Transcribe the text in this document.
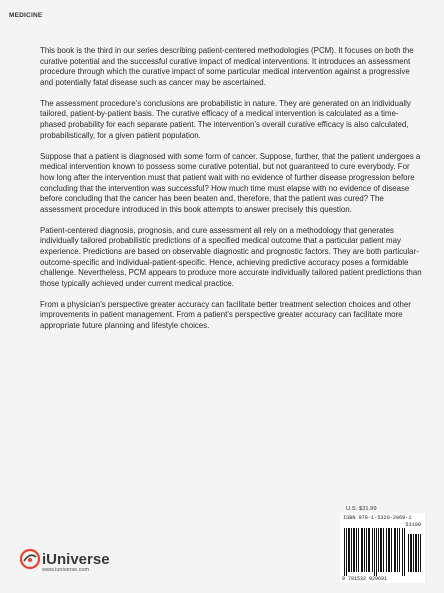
MEDICINE

This book is the third in our series describing patient-centered methodologies (PCM). It focuses on both the curative potential and the successful curative impact of medical interventions. It introduces an assessment procedure through which the curative impact of some particular medical intervention against a progressive and potentially fatal disease such as cancer may be ascertained.

The assessment procedure’s conclusions are probabilistic in nature. They are generated on an individually tailored, patient-by-patient basis. The curative efficacy of a medical intervention is calculated as a time-phased probability for each separate patient. The intervention’s overall curative efficacy is also calculated, probabilistically, for a given patient population.

Suppose that a patient is diagnosed with some form of cancer. Suppose, further, that the patient undergoes a medical intervention known to possess some curative potential, but not guaranteed to cure everybody. For how long after the intervention must that patient wait with no evidence of further disease progression before concluding that the intervention was successful? How much time must elapse with no evidence of disease before concluding that the cancer has been beaten and, therefore, that the patient was cured? The assessment procedure introduced in this book attempts to answer precisely this question.

Patient-centered diagnosis, prognosis, and cure assessment all rely on a methodology that generates individually tailored probabilistic predictions of a specified medical outcome that a particular patient may experience. Predictions are based on observable diagnostic and prognostic factors. They are both particular-outcome-specific and individual-patient-specific. Hence, achieving predictive accuracy poses a formidable challenge. Nevertheless, PCM appears to produce more accurate individually tailored patient predictions than those typically achieved under current medical practice.

From a physician’s perspective greater accuracy can facilitate better treatment selection choices and other improvements in patient management. From a patient’s perspective greater accuracy can facilitate more appropriate future planning and lifestyle choices.

U.S. $31.99
ISBN 978-1-5320-2969-1
53199
9 781532 029691
iUniverse
www.iuniverse.com
